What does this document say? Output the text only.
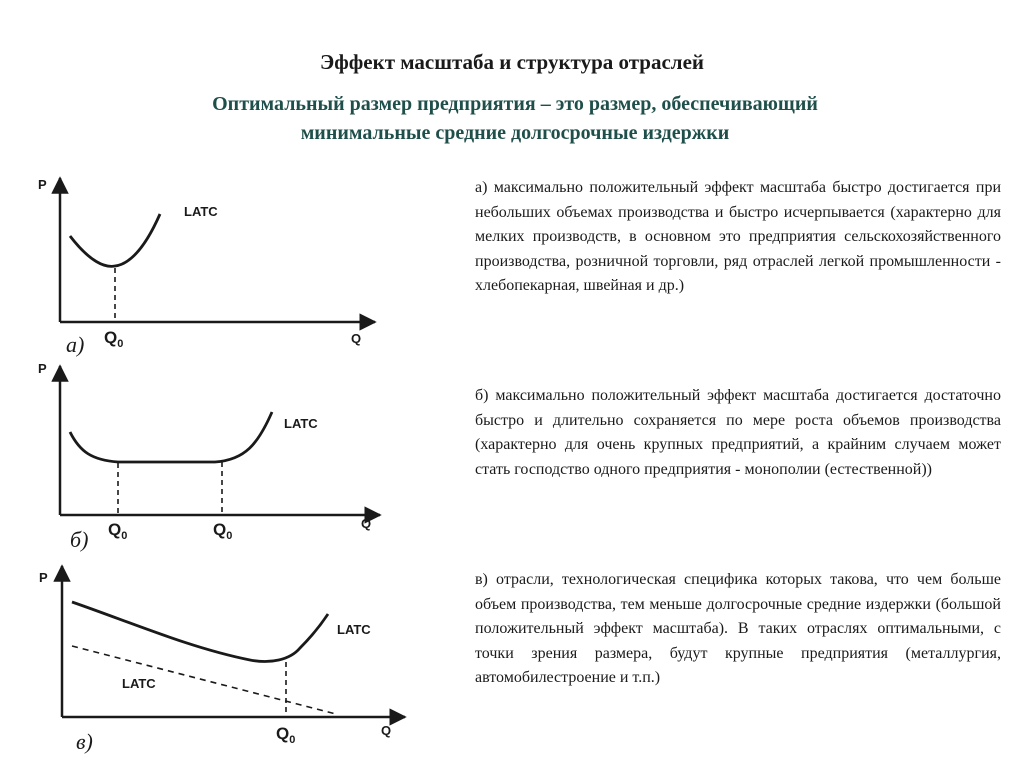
Эффект масштаба и структура отраслей
Оптимальный размер предприятия – это размер, обеспечивающий
минимальные средние долгосрочные издержки
P
Q
LATC
$Q_0$
а)
P
Q
LATC
$Q_0$	$Q_0$
б)
P
Q
LATC
LATC
$Q_0$
в)
а) максимально положительный эффект масштаба быстро достигается при небольших объемах производства и быстро исчерпывается (характерно для мелких производств, в основном это предприятия сельскохозяйственного производства, розничной торговли, ряд отраслей легкой промышленности - хлебопекарная, швейная и др.)
б) максимально положительный эффект масштаба достигается достаточно быстро и длительно сохраняется по мере роста объемов производства (характерно для очень крупных предприятий, а крайним случаем может стать господство одного предприятия - монополии (естественной))
в) отрасли, технологическая специфика которых такова, что чем больше объем производства, тем меньше долгосрочные средние издержки (большой положительный эффект масштаба). В таких отраслях оптимальными, с точки зрения размера, будут крупные предприятия (металлургия, автомобилестроение и т.п.)
